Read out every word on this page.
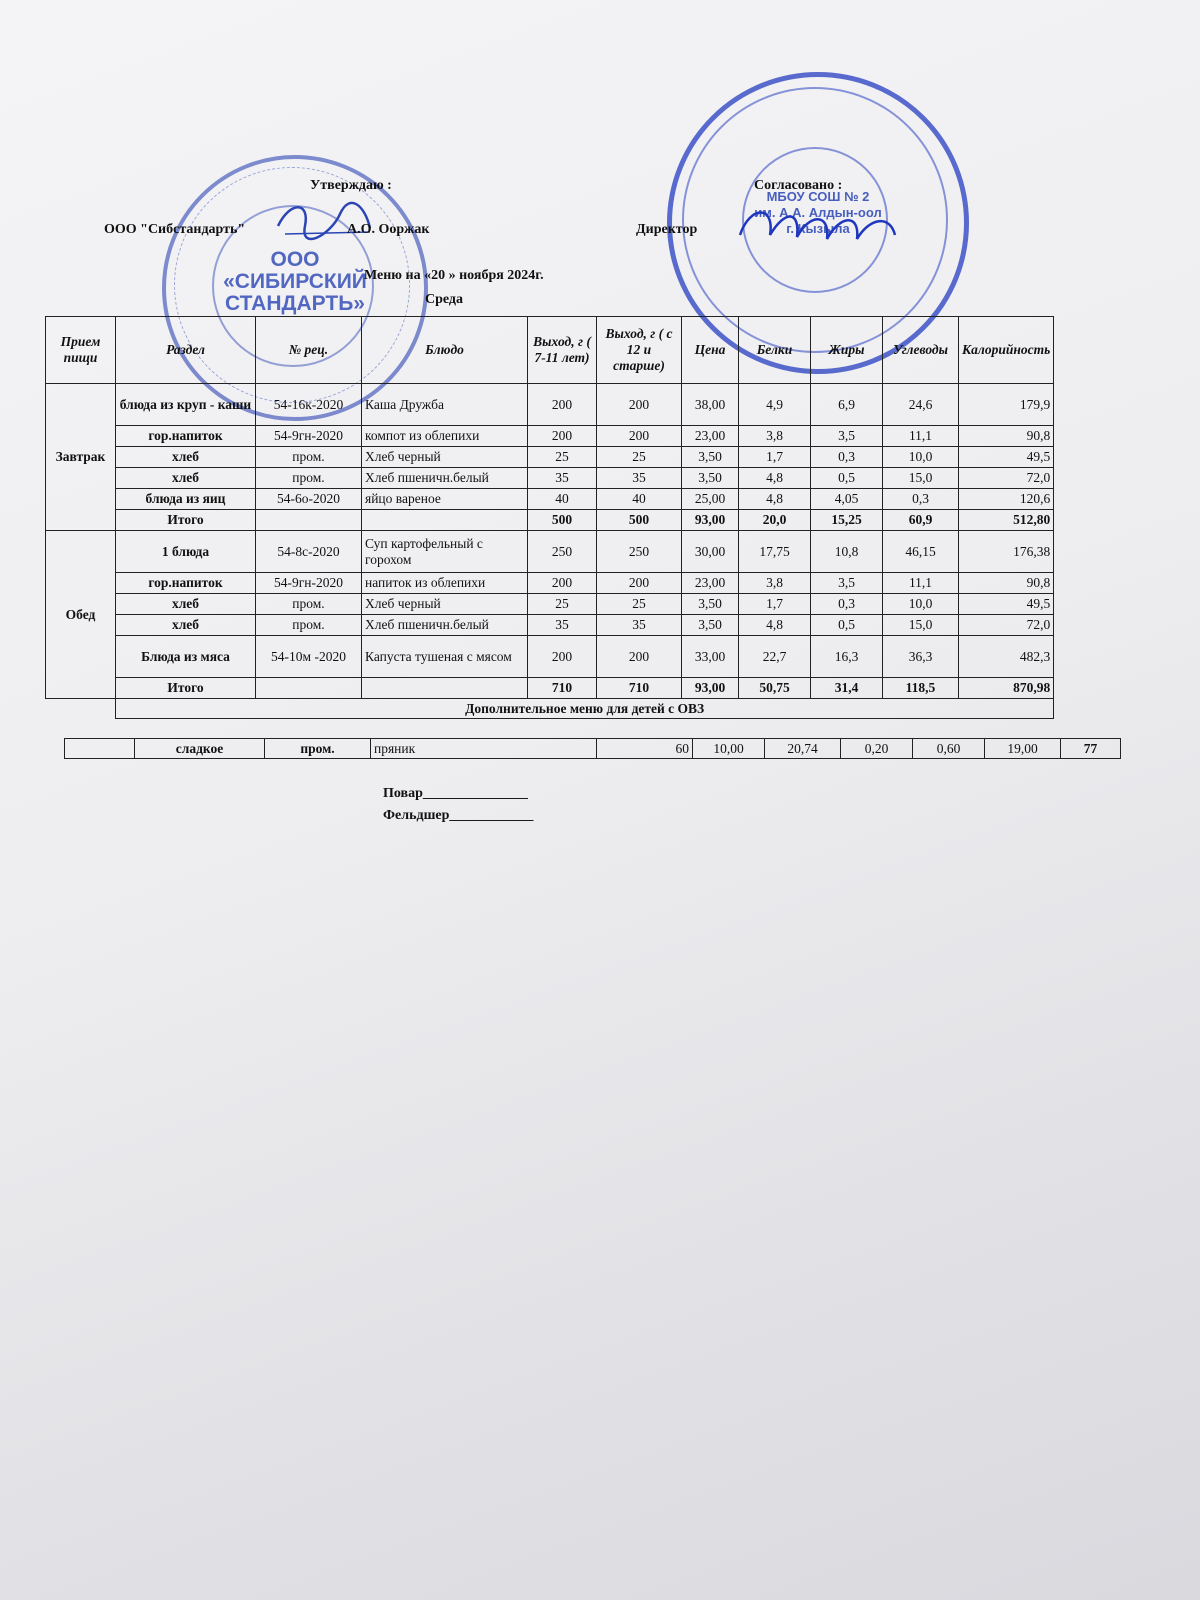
ООО
«СИБИРСКИЙ
СТАНДАРТЬ»
МБОУ СОШ № 2
им. А.А. Алдын-оол
г. Кызыла
Утверждаю :	Согласовано :
ООО "Сибстандарть"	А.О. Ооржак	Директор
Меню на «20 » ноября 2024г.
Среда
Прием пищи	Раздел	№ рец.	Блюдо	Выход, г ( 7-11 лет)	Выход, г ( с 12 и старше)	Цена	Белки	Жиры	Углеводы	Калорийность
Завтрак	блюда из круп - каши	54-16к-2020	Каша Дружба	200	200	38,00	4,9	6,9	24,6	179,9
	гор.напиток	54-9гн-2020	компот из облепихи	200	200	23,00	3,8	3,5	11,1	90,8
	хлеб	пром.	Хлеб черный	25	25	3,50	1,7	0,3	10,0	49,5
	хлеб	пром.	Хлеб пшеничн.белый	35	35	3,50	4,8	0,5	15,0	72,0
	блюда из яиц	54-6о-2020	яйцо вареное	40	40	25,00	4,8	4,05	0,3	120,6
	Итого			500	500	93,00	20,0	15,25	60,9	512,80
Обед	1 блюда	54-8с-2020	Суп картофельный с горохом	250	250	30,00	17,75	10,8	46,15	176,38
	гор.напиток	54-9гн-2020	напиток из облепихи	200	200	23,00	3,8	3,5	11,1	90,8
	хлеб	пром.	Хлеб черный	25	25	3,50	1,7	0,3	10,0	49,5
	хлеб	пром.	Хлеб пшеничн.белый	35	35	3,50	4,8	0,5	15,0	72,0
	Блюда из мяса	54-10м -2020	Капуста тушеная с мясом	200	200	33,00	22,7	16,3	36,3	482,3
	Итого			710	710	93,00	50,75	31,4	118,5	870,98
	Дополнительное меню для детей с ОВЗ									
	сладкое	пром.	пряник	60	10,00	20,74	0,20	0,60	19,00	77
Повар_______________
Фельдшер____________
